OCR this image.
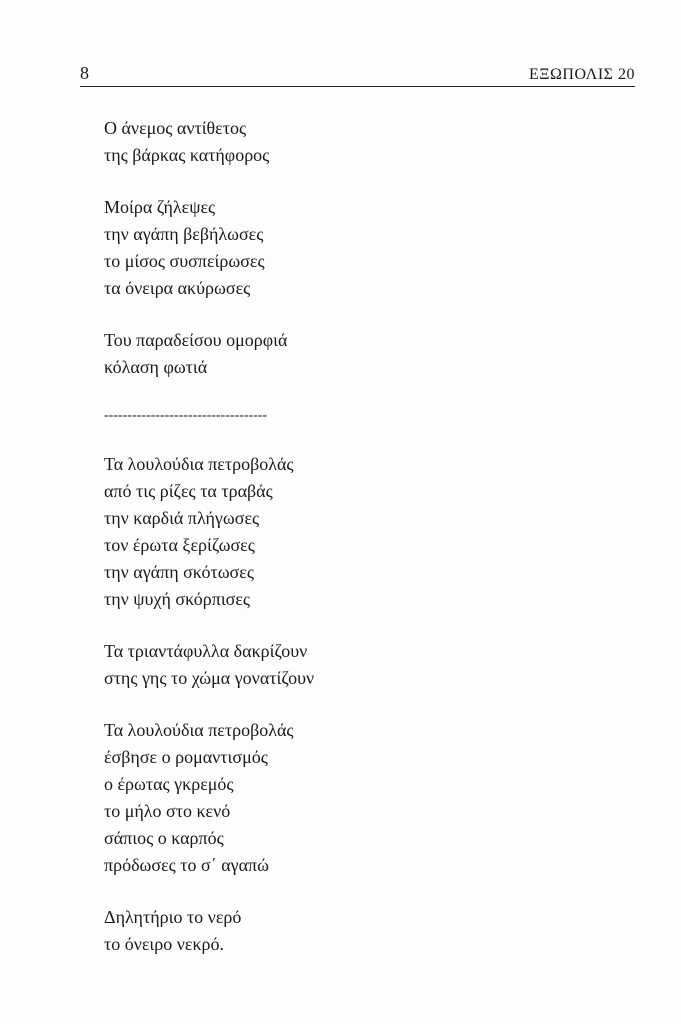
8	ΕΞΩΠΟΛΙΣ 20
Ο άνεμος αντίθετος
της βάρκας κατήφορος
Μοίρα ζήλεψες
την αγάπη βεβήλωσες
το μίσος συσπείρωσες
τα όνειρα ακύρωσες
Του παραδείσου ομορφιά
κόλαση φωτιά
-----------------------------------
Τα λουλούδια πετροβολάς
από τις ρίζες τα τραβάς
την καρδιά πλήγωσες
τον έρωτα ξερίζωσες
την αγάπη σκότωσες
την ψυχή σκόρπισες
Τα τριαντάφυλλα δακρίζουν
στης γης το χώμα γονατίζουν
Τα λουλούδια πετροβολάς
έσβησε ο ρομαντισμός
ο έρωτας γκρεμός
το μήλο στο κενό
σάπιος ο καρπός
πρόδωσες το σ΄ αγαπώ
Δηλητήριο το νερό
το όνειρο νεκρό.
